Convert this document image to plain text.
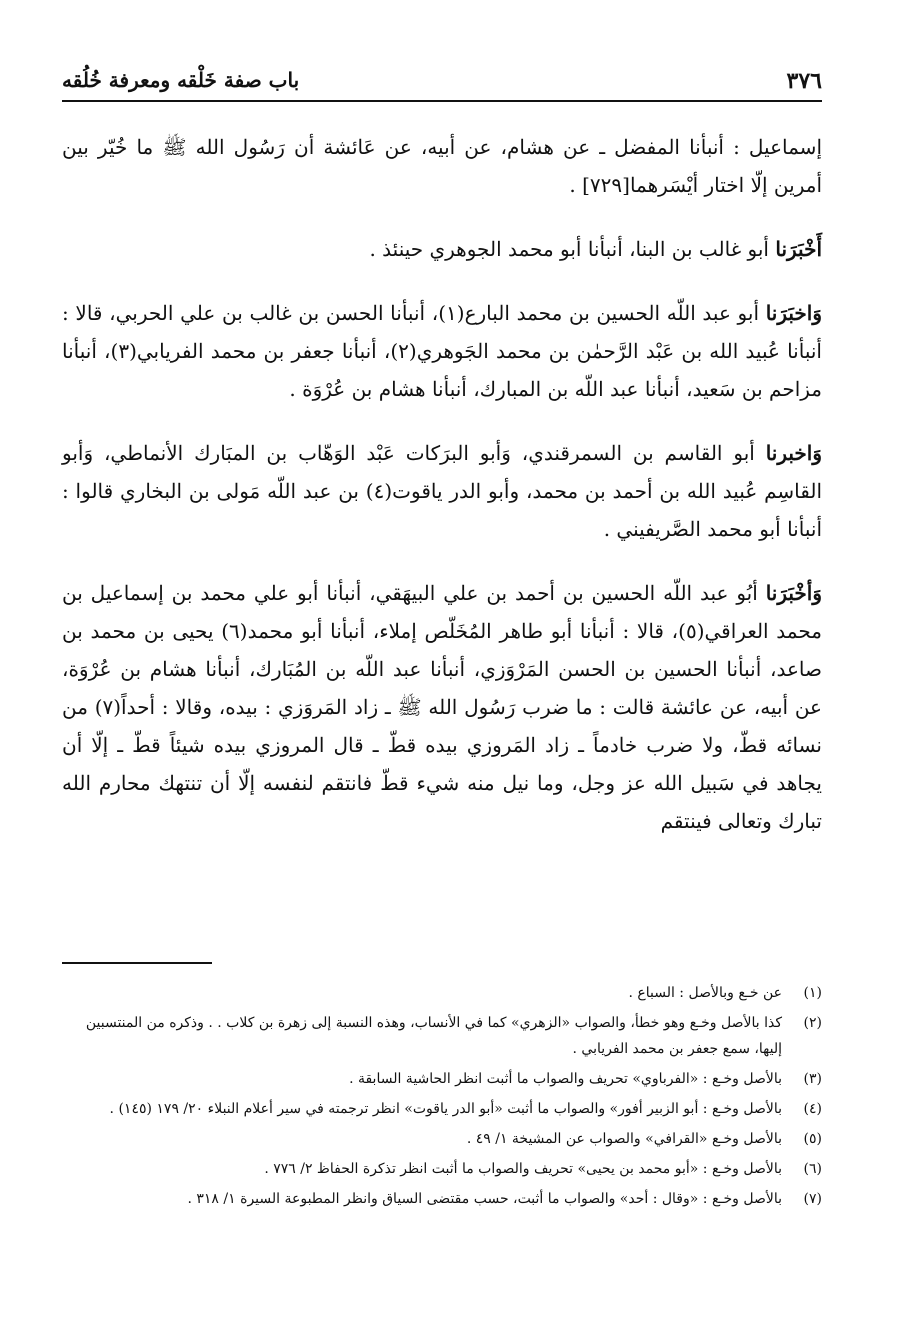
٣٧٦
باب صفة خَلْقه ومعرفة خُلُقه

إسماعيل : أنبأنا المفضل ـ عن هشام، عن أبيه، عن عَائشة أن رَسُول الله ﷺ ما خُيّر بين أمرين إلّا اختار أيْسَرهما[٧٢٩] .

أَخْبَرَنا أبو غالب بن البنا، أنبأنا أبو محمد الجوهري حينئذ .

وَاخبَرَنا أبو عبد اللّه الحسين بن محمد البارع(١)، أنبأنا الحسن بن غالب بن علي الحربي، قالا : أنبأنا عُبيد الله بن عَبْد الرَّحمٰن بن محمد الجَوهري(٢)، أنبأنا جعفر بن محمد الفريابي(٣)، أنبأنا مزاحم بن سَعيد، أنبأنا عبد اللّه بن المبارك، أنبأنا هشام بن عُرْوَة .

وَاخبرنا أبو القاسم بن السمرقندي، وَأبو البرَكات عَبْد الوَهّاب بن المبَارك الأنماطي، وَأبو القاسِم عُبيد الله بن أحمد بن محمد، وأبو الدر ياقوت(٤) بن عبد اللّه مَولى بن البخاري قالوا : أنبأنا أبو محمد الصَّريفيني .

وَأخْبَرَنا أبُو عبد اللّه الحسين بن أحمد بن علي البيهَقي، أنبأنا أبو علي محمد بن إسماعيل بن محمد العراقي(٥)، قالا : أنبأنا أبو طاهر المُخَلّص إملاء، أنبأنا أبو محمد(٦) يحيى بن محمد بن صاعد، أنبأنا الحسين بن الحسن المَرْوَزي، أنبأنا عبد اللّه بن المُبَارك، أنبأنا هشام بن عُرْوَة، عن أبيه، عن عائشة قالت : ما ضرب رَسُول الله ﷺ ـ زاد المَروَزي : بيده، وقالا : أحداً(٧) من نسائه قطّ، ولا ضرب خادماً ـ زاد المَروزي بيده قطّ ـ قال المروزي بيده شيئاً قطّ ـ إلّا أن يجاهد في سَبيل الله عز وجل، وما نيل منه شيء قطّ فانتقم لنفسه إلّا أن تنتهك محارم الله تبارك وتعالى فينتقم

(١)
عن خـع وبالأصل : السباع .
(٢)
كذا بالأصل وخـع وهو خطأ، والصواب «الزهري» كما في الأنساب، وهذه النسبة إلى زهرة بن كلاب . . وذكره من المنتسبين إليها، سمع جعفر بن محمد الفريابي .
(٣)
بالأصل وخـع : «الفرباوي» تحريف والصواب ما أثبت انظر الحاشية السابقة .
(٤)
بالأصل وخـع : أبو الزبير أفور» والصواب ما أثبت «أبو الدر ياقوت» انظر ترجمته في سير أعلام النبلاء ٢٠/ ١٧٩ (١٤٥) .
(٥)
بالأصل وخـع «القرافي» والصواب عن المشيخة ١/ ٤٩ .
(٦)
بالأصل وخـع : «أبو محمد بن يحيى» تحريف والصواب ما أثبت انظر تذكرة الحفاظ ٢/ ٧٧٦ .
(٧)
بالأصل وخـع : «وقال : أحد» والصواب ما أثبت، حسب مقتضى السياق وانظر المطبوعة السيرة ١/ ٣١٨ .
